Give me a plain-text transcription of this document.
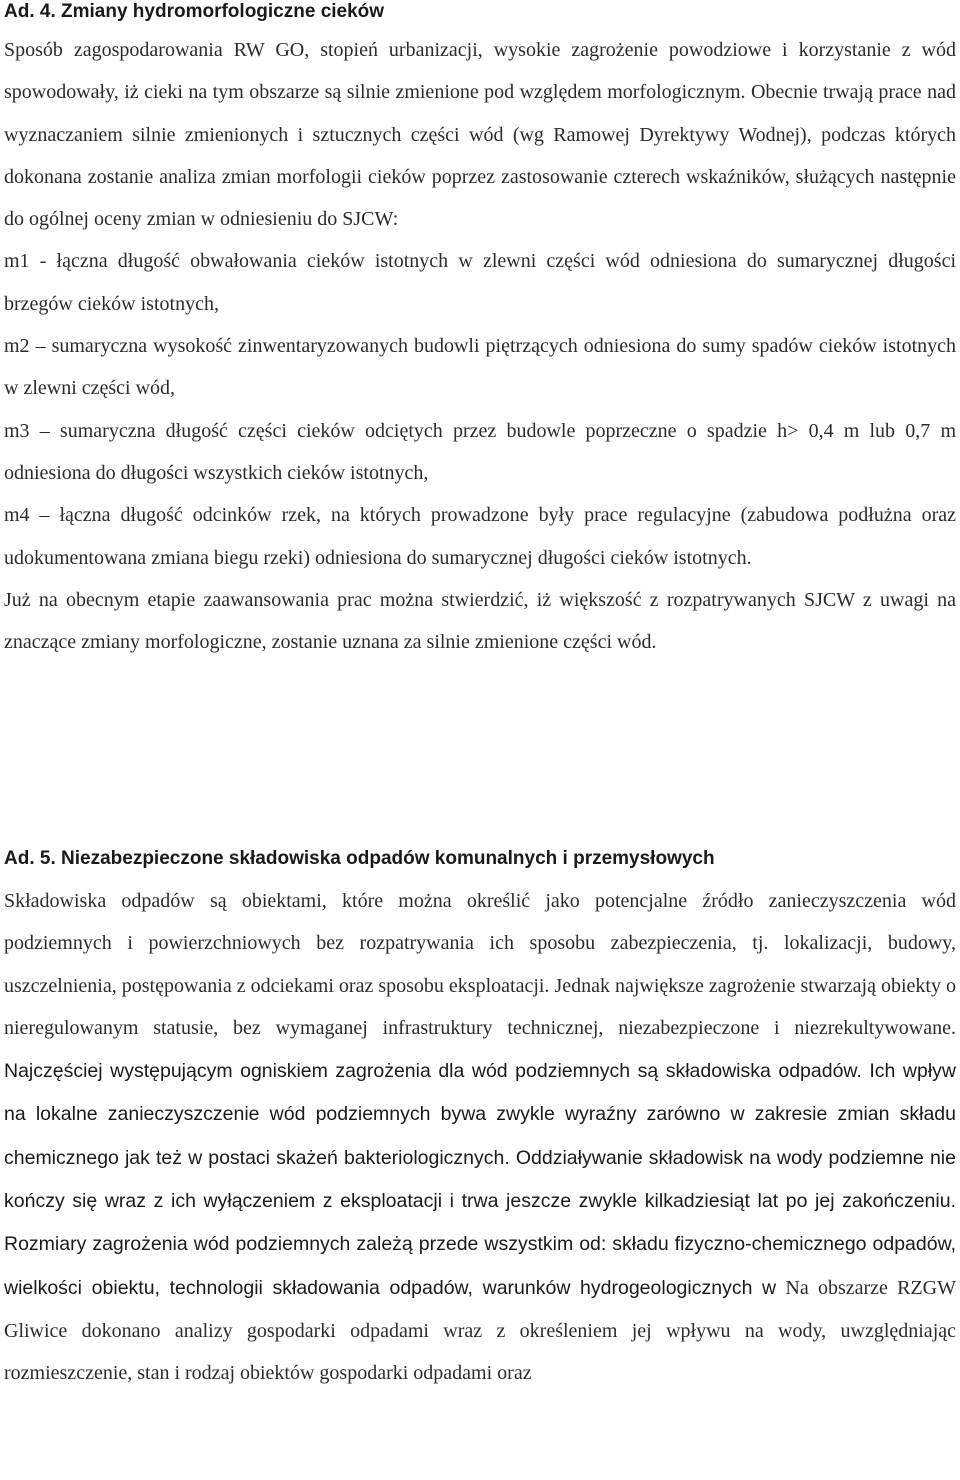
Ad. 4. Zmiany hydromorfologiczne cieków

Sposób zagospodarowania RW GO, stopień urbanizacji, wysokie zagrożenie powodziowe i korzystanie z wód spowodowały, iż cieki na tym obszarze są silnie zmienione pod względem morfologicznym. Obecnie trwają prace nad wyznaczaniem silnie zmienionych i sztucznych części wód (wg Ramowej Dyrektywy Wodnej), podczas których dokonana zostanie analiza zmian morfologii cieków poprzez zastosowanie czterech wskaźników, służących następnie do ogólnej oceny zmian w odniesieniu do SJCW:

m1 - łączna długość obwałowania cieków istotnych w zlewni części wód odniesiona do sumarycznej długości brzegów cieków istotnych,

m2 – sumaryczna wysokość zinwentaryzowanych budowli piętrzących odniesiona do sumy spadów cieków istotnych w zlewni części wód,

m3 – sumaryczna długość części cieków odciętych przez budowle poprzeczne o spadzie h> 0,4 m lub 0,7 m odniesiona do długości wszystkich cieków istotnych,

m4 – łączna długość odcinków rzek, na których prowadzone były prace regulacyjne (zabudowa podłużna oraz udokumentowana zmiana biegu rzeki) odniesiona do sumarycznej długości cieków istotnych.

Już na obecnym etapie zaawansowania prac można stwierdzić, iż większość z rozpatrywanych SJCW z uwagi na znaczące zmiany morfologiczne, zostanie uznana za silnie zmienione części wód.

Ad. 5. Niezabezpieczone składowiska odpadów komunalnych i przemysłowych

Składowiska odpadów są obiektami, które można określić jako potencjalne źródło zanieczyszczenia wód podziemnych i powierzchniowych bez rozpatrywania ich sposobu zabezpieczenia, tj. lokalizacji, budowy, uszczelnienia, postępowania z odciekami oraz sposobu eksploatacji. Jednak największe zagrożenie stwarzają obiekty o nieregulowanym statusie, bez wymaganej infrastruktury technicznej, niezabezpieczone i niezrekultywowane. Najczęściej występującym ogniskiem zagrożenia dla wód podziemnych są składowiska odpadów. Ich wpływ na lokalne zanieczyszczenie wód podziemnych bywa zwykle wyraźny zarówno w zakresie zmian składu chemicznego jak też w postaci skażeń bakteriologicznych. Oddziaływanie składowisk na wody podziemne nie kończy się wraz z ich wyłączeniem z eksploatacji i trwa jeszcze zwykle kilkadziesiąt lat po jej zakończeniu. Rozmiary zagrożenia wód podziemnych zależą przede wszystkim od: składu fizyczno-chemicznego odpadów, wielkości obiektu, technologii składowania odpadów, warunków hydrogeologicznych w Na obszarze RZGW Gliwice dokonano analizy gospodarki odpadami wraz z określeniem jej wpływu na wody, uwzględniając rozmieszczenie, stan i rodzaj obiektów gospodarki odpadami oraz
